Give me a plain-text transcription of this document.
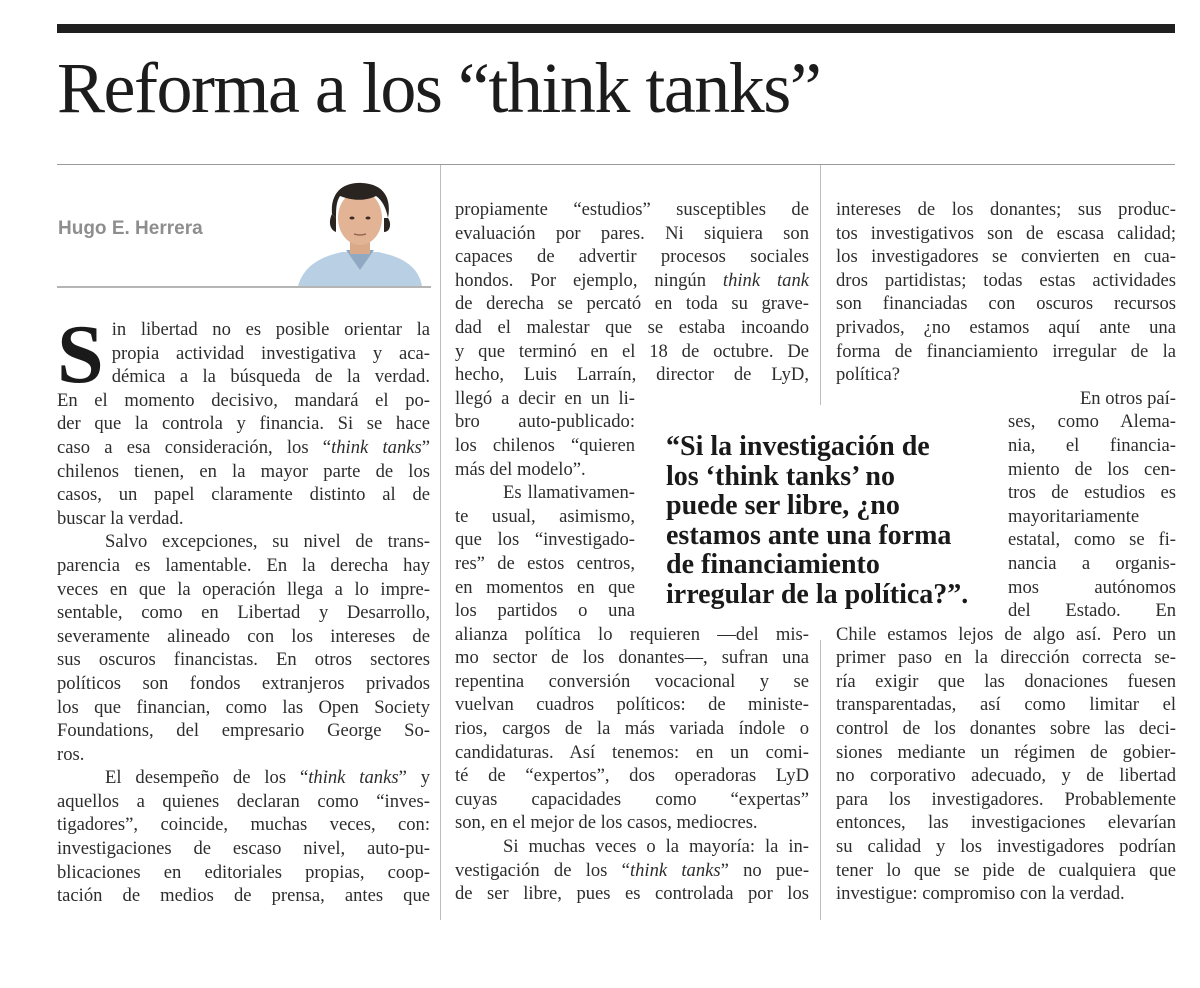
Reforma a los “think tanks”
Hugo E. Herrera

S in libertad no es posible orientar la
propia actividad investigativa y aca-
démica a la búsqueda de la verdad.
En el momento decisivo, mandará el po-
der que la controla y financia. Si se hace
caso a esa consideración, los “think tanks”
chilenos tienen, en la mayor parte de los
casos, un papel claramente distinto al de
buscar la verdad.

Salvo excepciones, su nivel de trans-
parencia es lamentable. En la derecha hay
veces en que la operación llega a lo impre-
sentable, como en Libertad y Desarrollo,
severamente alineado con los intereses de
sus oscuros financistas. En otros sectores
políticos son fondos extranjeros privados
los que financian, como las Open Society
Foundations, del empresario George So-
ros.

El desempeño de los “think tanks” y
aquellos a quienes declaran como “inves-
tigadores”, coincide, muchas veces, con:
investigaciones de escaso nivel, auto-pu-
blicaciones en editoriales propias, coop-
tación de medios de prensa, antes que

propiamente “estudios” susceptibles de
evaluación por pares. Ni siquiera son
capaces de advertir procesos sociales
hondos. Por ejemplo, ningún think tank
de derecha se percató en toda su grave-
dad el malestar que se estaba incoando
y que terminó en el 18 de octubre. De
hecho, Luis Larraín, director de LyD,
llegó a decir en un li-
bro auto-publicado:
los chilenos “quieren
más del modelo”.

Es llamativamen-
te usual, asimismo,
que los “investigado-
res” de estos centros,
en momentos en que
los partidos o una
alianza política lo requieren —del mis-
mo sector de los donantes—, sufran una
repentina conversión vocacional y se
vuelvan cuadros políticos: de ministe-
rios, cargos de la más variada índole o
candidaturas. Así tenemos: en un comi-
té de “expertos”, dos operadoras LyD
cuyas capacidades como “expertas”
son, en el mejor de los casos, mediocres.

Si muchas veces o la mayoría: la in-
vestigación de los “think tanks” no pue-
de ser libre, pues es controlada por los

“Si la investigación de
los ‘think tanks’ no
puede ser libre, ¿no
estamos ante una forma
de financiamiento
irregular de la política?”.

intereses de los donantes; sus produc-
tos investigativos son de escasa calidad;
los investigadores se convierten en cua-
dros partidistas; todas estas actividades
son financiadas con oscuros recursos
privados, ¿no estamos aquí ante una
forma de financiamiento irregular de la
política?

En otros paí-
ses, como Alema-
nia, el financia-
miento de los cen-
tros de estudios es
mayoritariamente
estatal, como se fi-
nancia a organis-
mos autónomos
del Estado. En
Chile estamos lejos de algo así. Pero un
primer paso en la dirección correcta se-
ría exigir que las donaciones fuesen
transparentadas, así como limitar el
control de los donantes sobre las deci-
siones mediante un régimen de gobier-
no corporativo adecuado, y de libertad
para los investigadores. Probablemente
entonces, las investigaciones elevarían
su calidad y los investigadores podrían
tener lo que se pide de cualquiera que
investigue: compromiso con la verdad.
